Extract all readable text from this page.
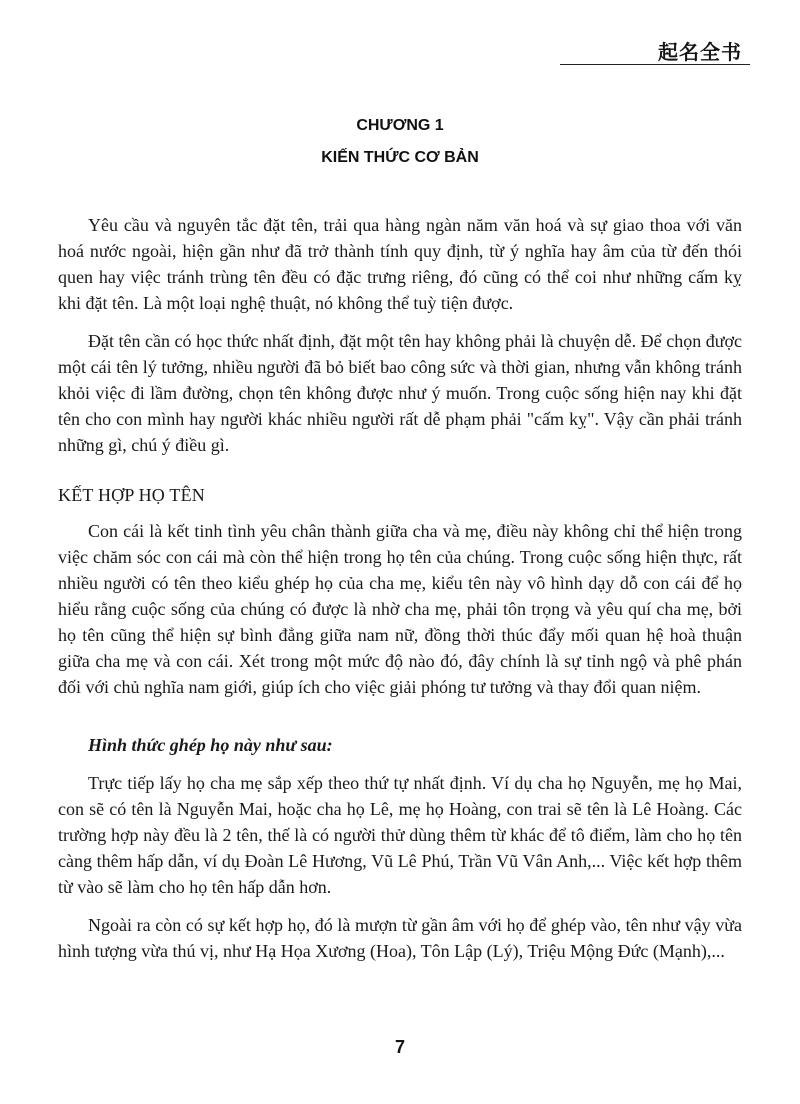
起名全书
CHƯƠNG 1
KIẾN THỨC CƠ BẢN

Yêu cầu và nguyên tắc đặt tên, trải qua hàng ngàn năm văn hoá và sự giao thoa với văn hoá nước ngoài, hiện gần như đã trở thành tính quy định, từ ý nghĩa hay âm của từ đến thói quen hay việc tránh trùng tên đều có đặc trưng riêng, đó cũng có thể coi như những cấm kỵ khi đặt tên. Là một loại nghệ thuật, nó không thể tuỳ tiện được.

Đặt tên cần có học thức nhất định, đặt một tên hay không phải là chuyện dễ. Để chọn được một cái tên lý tưởng, nhiều người đã bỏ biết bao công sức và thời gian, nhưng vẫn không tránh khỏi việc đi lầm đường, chọn tên không được như ý muốn. Trong cuộc sống hiện nay khi đặt tên cho con mình hay người khác nhiều người rất dễ phạm phải "cấm kỵ". Vậy cần phải tránh những gì, chú ý điều gì.

KẾT HỢP HỌ TÊN

Con cái là kết tinh tình yêu chân thành giữa cha và mẹ, điều này không chỉ thể hiện trong việc chăm sóc con cái mà còn thể hiện trong họ tên của chúng. Trong cuộc sống hiện thực, rất nhiều người có tên theo kiểu ghép họ của cha mẹ, kiểu tên này vô hình dạy dỗ con cái để họ hiểu rằng cuộc sống của chúng có được là nhờ cha mẹ, phải tôn trọng và yêu quí cha mẹ, bởi họ tên cũng thể hiện sự bình đẳng giữa nam nữ, đồng thời thúc đẩy mối quan hệ hoà thuận giữa cha mẹ và con cái. Xét trong một mức độ nào đó, đây chính là sự tỉnh ngộ và phê phán đối với chủ nghĩa nam giới, giúp ích cho việc giải phóng tư tưởng và thay đổi quan niệm.

Hình thức ghép họ này như sau:

Trực tiếp lấy họ cha mẹ sắp xếp theo thứ tự nhất định. Ví dụ cha họ Nguyễn, mẹ họ Mai, con sẽ có tên là Nguyễn Mai, hoặc cha họ Lê, mẹ họ Hoàng, con trai sẽ tên là Lê Hoàng. Các trường hợp này đều là 2 tên, thế là có người thử dùng thêm từ khác để tô điểm, làm cho họ tên càng thêm hấp dẫn, ví dụ Đoàn Lê Hương, Vũ Lê Phú, Trần Vũ Vân Anh,... Việc kết hợp thêm từ vào sẽ làm cho họ tên hấp dẫn hơn.

Ngoài ra còn có sự kết hợp họ, đó là mượn từ gần âm với họ để ghép vào, tên như vậy vừa hình tượng vừa thú vị, như Hạ Họa Xương (Hoa), Tôn Lập (Lý), Triệu Mộng Đức (Mạnh),...

7
